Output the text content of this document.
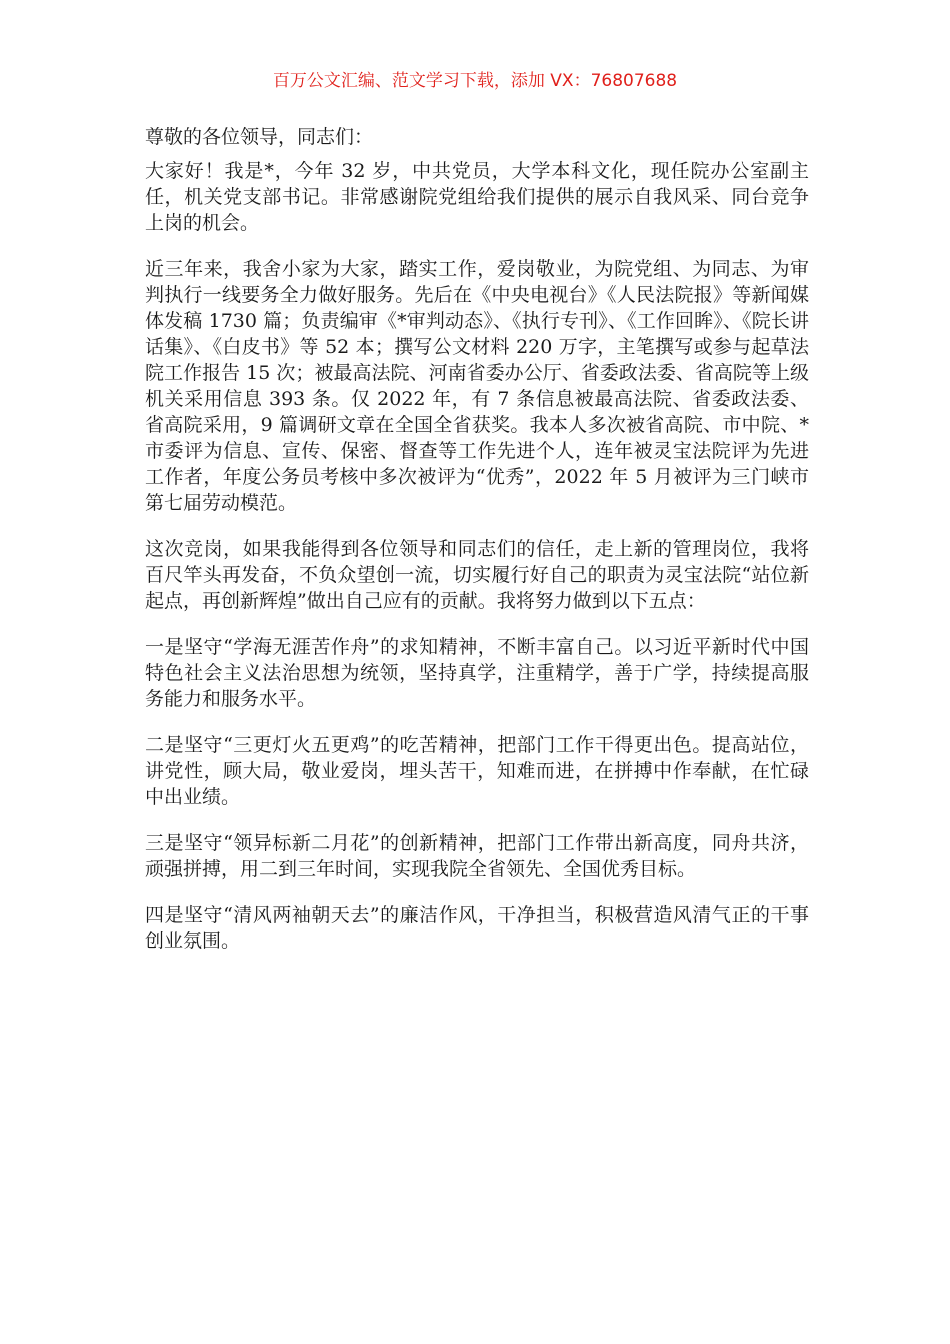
百万公文汇编、范文学习下载，添加 VX：76807688

尊敬的各位领导，同志们：

大家好！我是*，今年 32 岁，中共党员，大学本科文化，现任院办公室副主任，机关党支部书记。非常感谢院党组给我们提供的展示自我风采、同台竞争上岗的机会。

近三年来，我舍小家为大家，踏实工作，爱岗敬业，为院党组、为同志、为审判执行一线要务全力做好服务。先后在《中央电视台》《人民法院报》等新闻媒体发稿 1730 篇；负责编审《*审判动态》、《执行专刊》、《工作回眸》、《院长讲话集》、《白皮书》等 52 本；撰写公文材料 220 万字，主笔撰写或参与起草法院工作报告 15 次；被最高法院、河南省委办公厅、省委政法委、省高院等上级机关采用信息 393 条。仅 2022 年，有 7 条信息被最高法院、省委政法委、省高院采用，9 篇调研文章在全国全省获奖。我本人多次被省高院、市中院、*市委评为信息、宣传、保密、督查等工作先进个人，连年被灵宝法院评为先进工作者，年度公务员考核中多次被评为“优秀”，2022 年 5 月被评为三门峡市第七届劳动模范。

这次竞岗，如果我能得到各位领导和同志们的信任，走上新的管理岗位，我将百尺竿头再发奋，不负众望创一流，切实履行好自己的职责为灵宝法院“站位新起点，再创新辉煌”做出自己应有的贡献。我将努力做到以下五点：

一是坚守“学海无涯苦作舟”的求知精神，不断丰富自己。以习近平新时代中国特色社会主义法治思想为统领，坚持真学，注重精学，善于广学，持续提高服务能力和服务水平。

二是坚守“三更灯火五更鸡”的吃苦精神，把部门工作干得更出色。提高站位，讲党性，顾大局，敬业爱岗，埋头苦干，知难而进，在拼搏中作奉献，在忙碌中出业绩。

三是坚守“领异标新二月花”的创新精神，把部门工作带出新高度，同舟共济，顽强拼搏，用二到三年时间，实现我院全省领先、全国优秀目标。

四是坚守“清风两袖朝天去”的廉洁作风，干净担当，积极营造风清气正的干事创业氛围。
